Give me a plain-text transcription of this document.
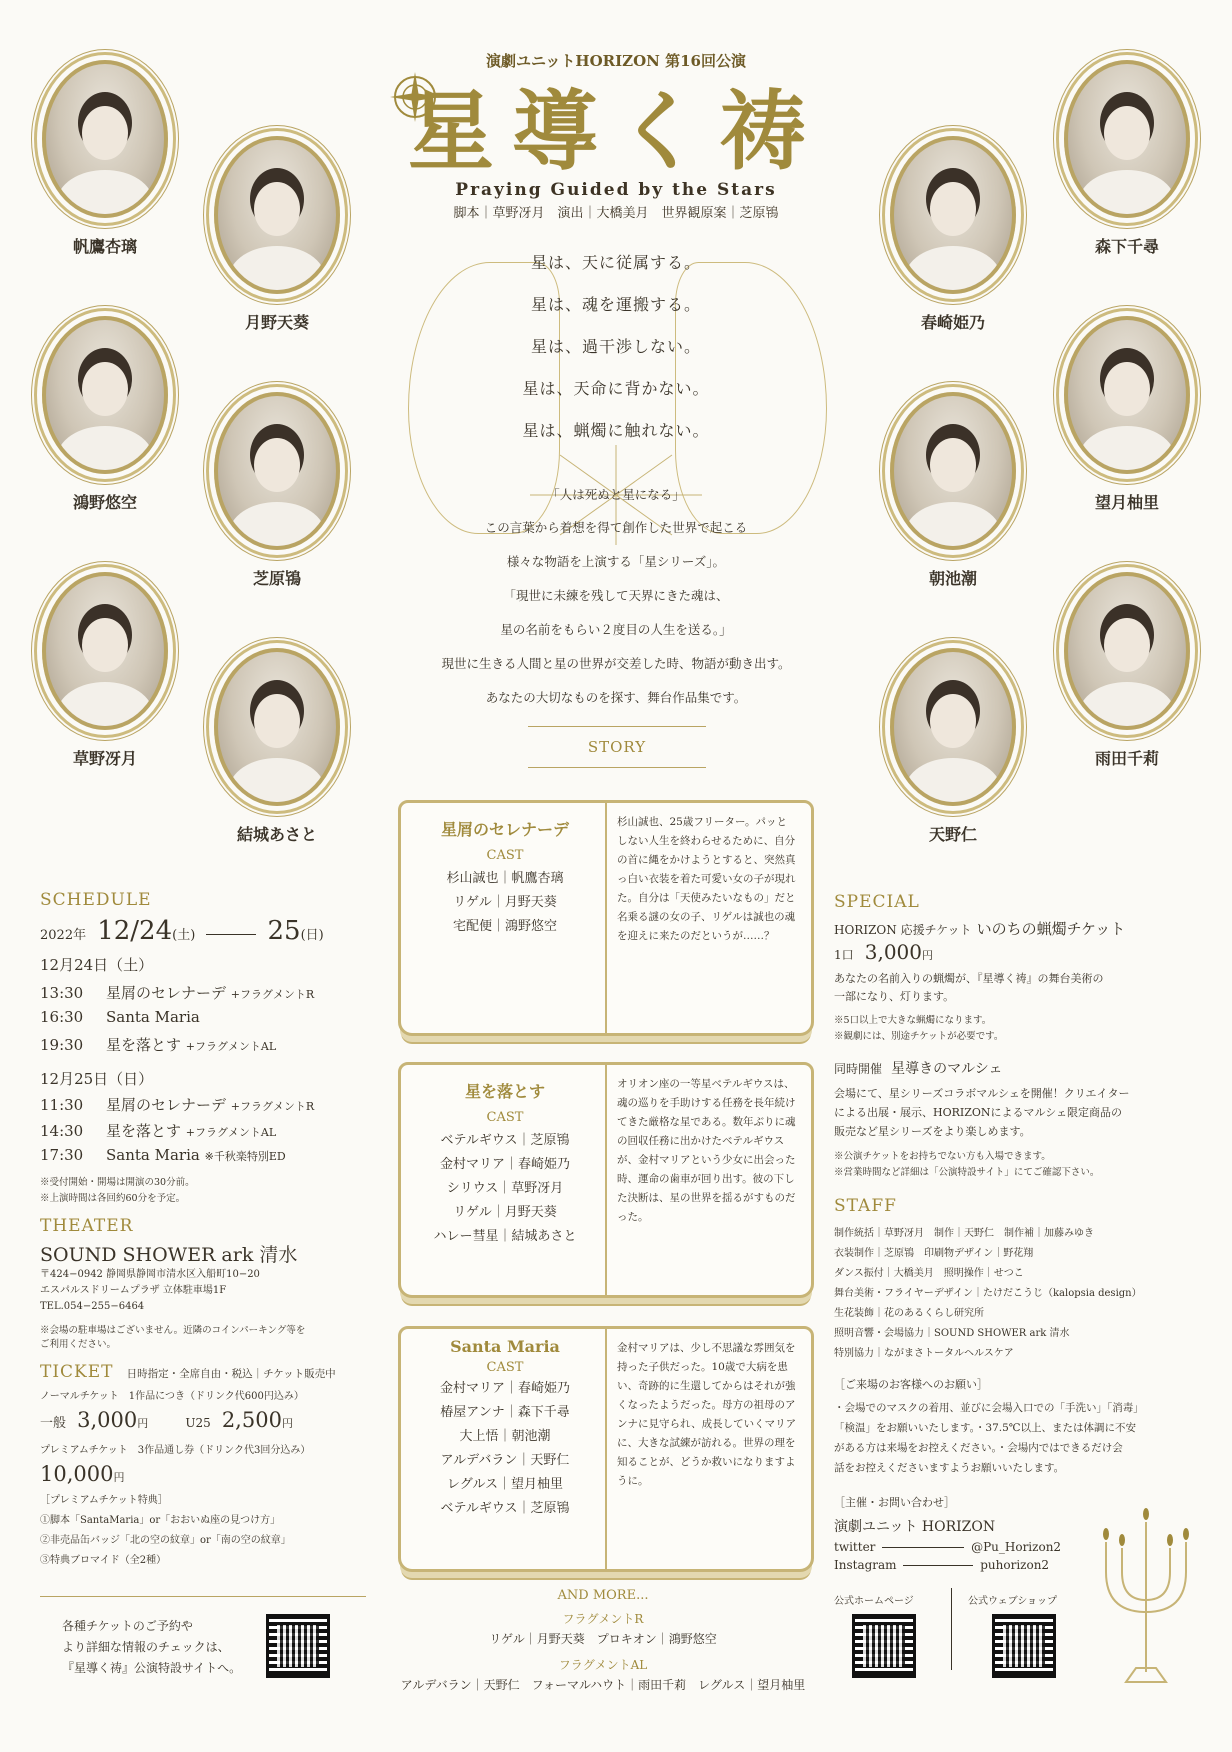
演劇ユニットHORIZON 第16回公演
星導く祷
Praying Guided by the Stars
脚本｜草野冴月　演出｜大橋美月　世界観原案｜芝原鴇
星は、天に従属する。
星は、魂を運搬する。
星は、過干渉しない。
星は、天命に背かない。
星は、蝋燭に触れない。
「人は死ぬと星になる」
この言葉から着想を得て創作した世界で起こる
様々な物語を上演する「星シリーズ」。
「現世に未練を残して天界にきた魂は、
星の名前をもらい２度目の人生を送る。」
現世に生きる人間と星の世界が交差した時、物語が動き出す。
あなたの大切なものを探す、舞台作品集です。
STORY
帆鷹杏璃
月野天葵
鴻野悠空
芝原鴇
草野冴月
結城あさと
森下千尋
春崎姫乃
望月柚里
朝池潮
雨田千莉
天野仁
星屑のセレナーデ
CAST
杉山誠也｜帆鷹杏璃
リゲル｜月野天葵
宅配便｜鴻野悠空
杉山誠也、25歳フリーター。パッとしない人生を終わらせるために、自分の首に縄をかけようとすると、突然真っ白い衣装を着た可愛い女の子が現れた。自分は「天使みたいなもの」だと名乗る謎の女の子、リゲルは誠也の魂を迎えに来たのだというが……？
星を落とす
CAST
ベテルギウス｜芝原鴇
金村マリア｜春崎姫乃
シリウス｜草野冴月
リゲル｜月野天葵
ハレー彗星｜結城あさと
オリオン座の一等星ベテルギウスは、魂の巡りを手助けする任務を長年続けてきた厳格な星である。数年ぶりに魂の回収任務に出かけたベテルギウスが、金村マリアという少女に出会った時、運命の歯車が回り出す。彼の下した決断は、星の世界を揺るがすものだった。
Santa Maria
CAST
金村マリア｜春崎姫乃
椿屋アンナ｜森下千尋
大上悟｜朝池潮
アルデバラン｜天野仁
レグルス｜望月柚里
ベテルギウス｜芝原鴇
金村マリアは、少し不思議な雰囲気を持った子供だった。10歳で大病を患い、奇跡的に生還してからはそれが強くなったようだった。母方の祖母のアンナに見守られ、成長していくマリアに、大きな試練が訪れる。世界の理を知ることが、どうか救いになりますように。
AND MORE...
フラグメントR
リゲル｜月野天葵　プロキオン｜鴻野悠空
フラグメントAL
アルデバラン｜天野仁　フォーマルハウト｜雨田千莉　レグルス｜望月柚里
SCHEDULE
2022年 12/24(土)	25(日)
12月24日（土）
13:30 星屑のセレナーデ +フラグメントR
16:30 Santa Maria
19:30 星を落とす +フラグメントAL
12月25日（日）
11:30 星屑のセレナーデ +フラグメントR
14:30 星を落とす +フラグメントAL
17:30 Santa Maria ※千秋楽特別ED
※受付開始・開場は開演の30分前。
※上演時間は各回約60分を予定。
THEATER
SOUND SHOWER ark 清水
〒424−0942 静岡県静岡市清水区入船町10−20
エスパルスドリームプラザ 立体駐車場1F
TEL.054−255−6464
※会場の駐車場はございません。近隣のコインパーキング等を
ご利用ください。
TICKET 日時指定・全席自由・税込｜チケット販売中
ノーマルチケット　1作品につき（ドリンク代600円込み）
一般 3,000円	U25 2,500円
プレミアムチケット　3作品通し券（ドリンク代3回分込み）
10,000円
［プレミアムチケット特典］
①脚本「SantaMaria」or「おおいぬ座の見つけ方」
②非売品缶バッジ「北の空の紋章」or「南の空の紋章」
③特典ブロマイド（全2種）
各種チケットのご予約や
より詳細な情報のチェックは、
『星導く祷』公演特設サイトへ。
SPECIAL
HORIZON 応援チケット いのちの蝋燭チケット
1口 3,000円
あなたの名前入りの蝋燭が、『星導く祷』の舞台美術の
一部になり、灯ります。
※5口以上で大きな蝋燭になります。
※観劇には、別途チケットが必要です。
同時開催 星導きのマルシェ
会場にて、星シリーズコラボマルシェを開催！クリエイター
による出展・展示、HORIZONによるマルシェ限定商品の
販売など星シリーズをより楽しめます。
※公演チケットをお持ちでない方も入場できます。
※営業時間など詳細は「公演特設サイト」にてご確認下さい。
STAFF
制作統括｜草野冴月　制作｜天野仁　制作補｜加藤みゆき
衣装制作｜芝原鴇　印刷物デザイン｜野花翔
ダンス振付｜大橋美月　照明操作｜せつこ
舞台美術・フライヤーデザイン｜たけだこうじ（kalopsia design）
生花装飾｜花のあるくらし研究所
照明音響・会場協力｜SOUND SHOWER ark 清水
特別協力｜ながまさトータルヘルスケア
［ご来場のお客様へのお願い］
・会場でのマスクの着用、並びに会場入口での「手洗い」「消毒」
「検温」をお願いいたします。・37.5℃以上、または体調に不安
がある方は来場をお控えください。・会場内ではできるだけ会
話をお控えくださいますようお願いいたします。
［主催・お問い合わせ］
演劇ユニット HORIZON
twitter	@Pu_Horizon2
Instagram	puhorizon2
公式ホームページ	公式ウェブショップ
